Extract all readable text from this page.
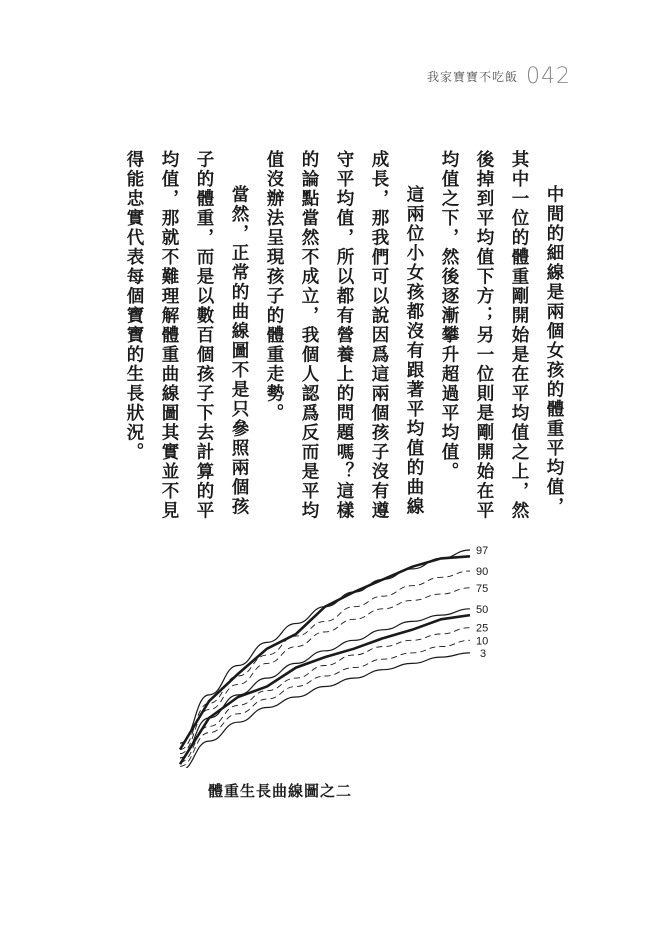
我家寶寶不吃飯 042

中間的細線是兩個女孩的體重平均值，其中一位的體重剛開始是在平均值之上，然後掉到平均值下方；另一位則是剛開始在平均值之下，然後逐漸攀升超過平均值。

這兩位小女孩都沒有跟著平均值的曲線成長，那我們可以說因爲這兩個孩子沒有遵守平均值，所以都有營養上的問題嗎？這樣的論點當然不成立，我個人認爲反而是平均值沒辦法呈現孩子的體重走勢。

當然，正常的曲線圖不是只參照兩個孩子的體重，而是以數百個孩子下去計算的平均值，那就不難理解體重曲線圖其實並不見得能忠實代表每個寶寶的生長狀況。

97
90
75
50
25
10
3
體重生長曲線圖之二
